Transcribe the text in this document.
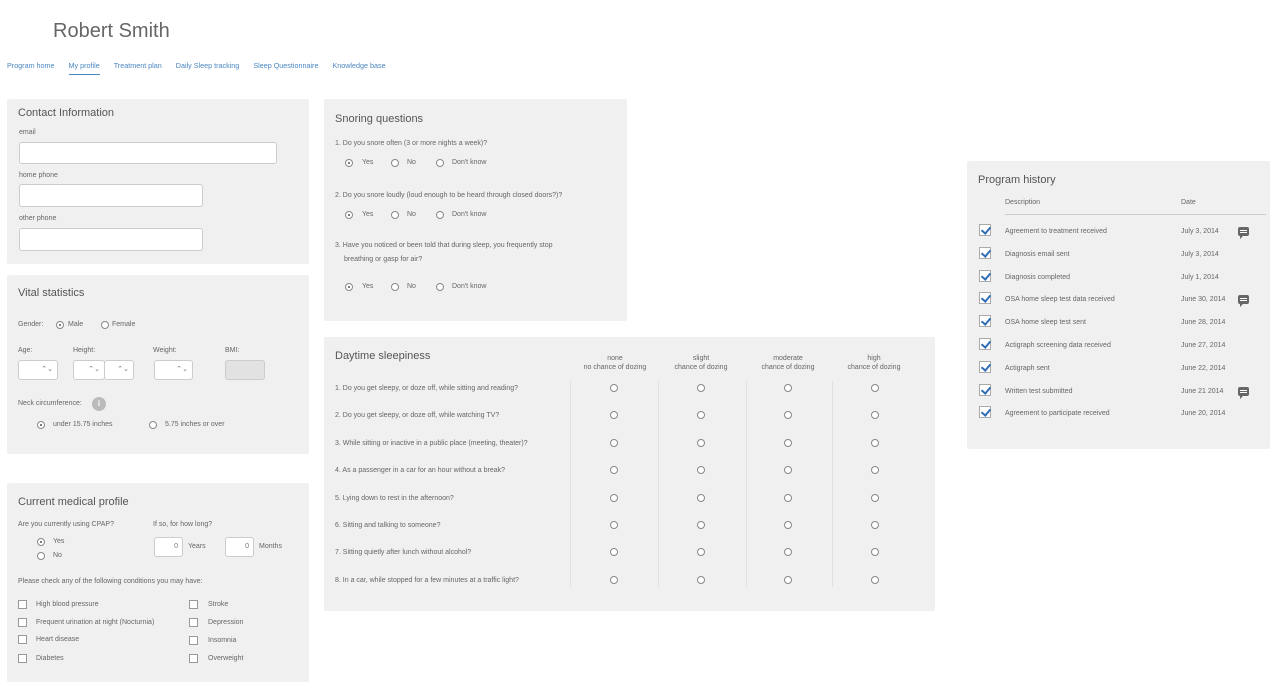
Robert Smith
Program home My profile Treatment plan Daily Sleep tracking Sleep Questionnaire Knowledge base
Contact Information
email
home phone
other phone
Vital statistics
Gender:	Male	Female
Age:	Height:	Weight:	BMI:
⌃⌄	⌃⌄	⌃⌄	⌃⌄
Neck circumference:	i
under 15.75 inches	5.75 inches or over
Current medical profile
Are you currently using CPAP?	If so, for how long?
Yes
No
0	Years	0	Months
Please check any of the following conditions you may have:
High blood pressure
Frequent urination at night (Nocturnia)
Heart disease
Diabetes
Stroke
Depression
Insomnia
Overweight
Snoring questions
1. Do you snore often (3 or more nights a week)?
Yes	No	Don't know
2. Do you snore loudly (loud enough to be heard through closed doors?)?
Yes	No	Don't know
3. Have you noticed or been told that during sleep, you frequently stop
breathing or gasp for air?
Yes	No	Don't know
Daytime sleepiness	none
no chance of dozing
slight
chance of dozing
moderate
chance of dozing
high
chance of dozing
1. Do you get sleepy, or doze off, while sitting and reading?
2. Do you get sleepy, or doze off, while watching TV?
3. While sitting or inactive in a public place (meeting, theater)?
4. As a passenger in a car for an hour without a break?
5. Lying down to rest in the afternoon?
6. Sitting and talking to someone?
7. Sitting quietly after lunch without alcohol?
8. In a car, while stopped for a few minutes at a traffic light?
Program history
Description	Date
Agreement to treatment received	July 3, 2014
Diagnosis email sent	July 3, 2014
Diagnosis completed	July 1, 2014
OSA home sleep test data received	June 30, 2014
OSA home sleep test sent	June 28, 2014
Actigraph screening data received	June 27, 2014
Actigraph sent	June 22, 2014
Written test submitted	June 21 2014
Agreement to participate received	June 20, 2014
